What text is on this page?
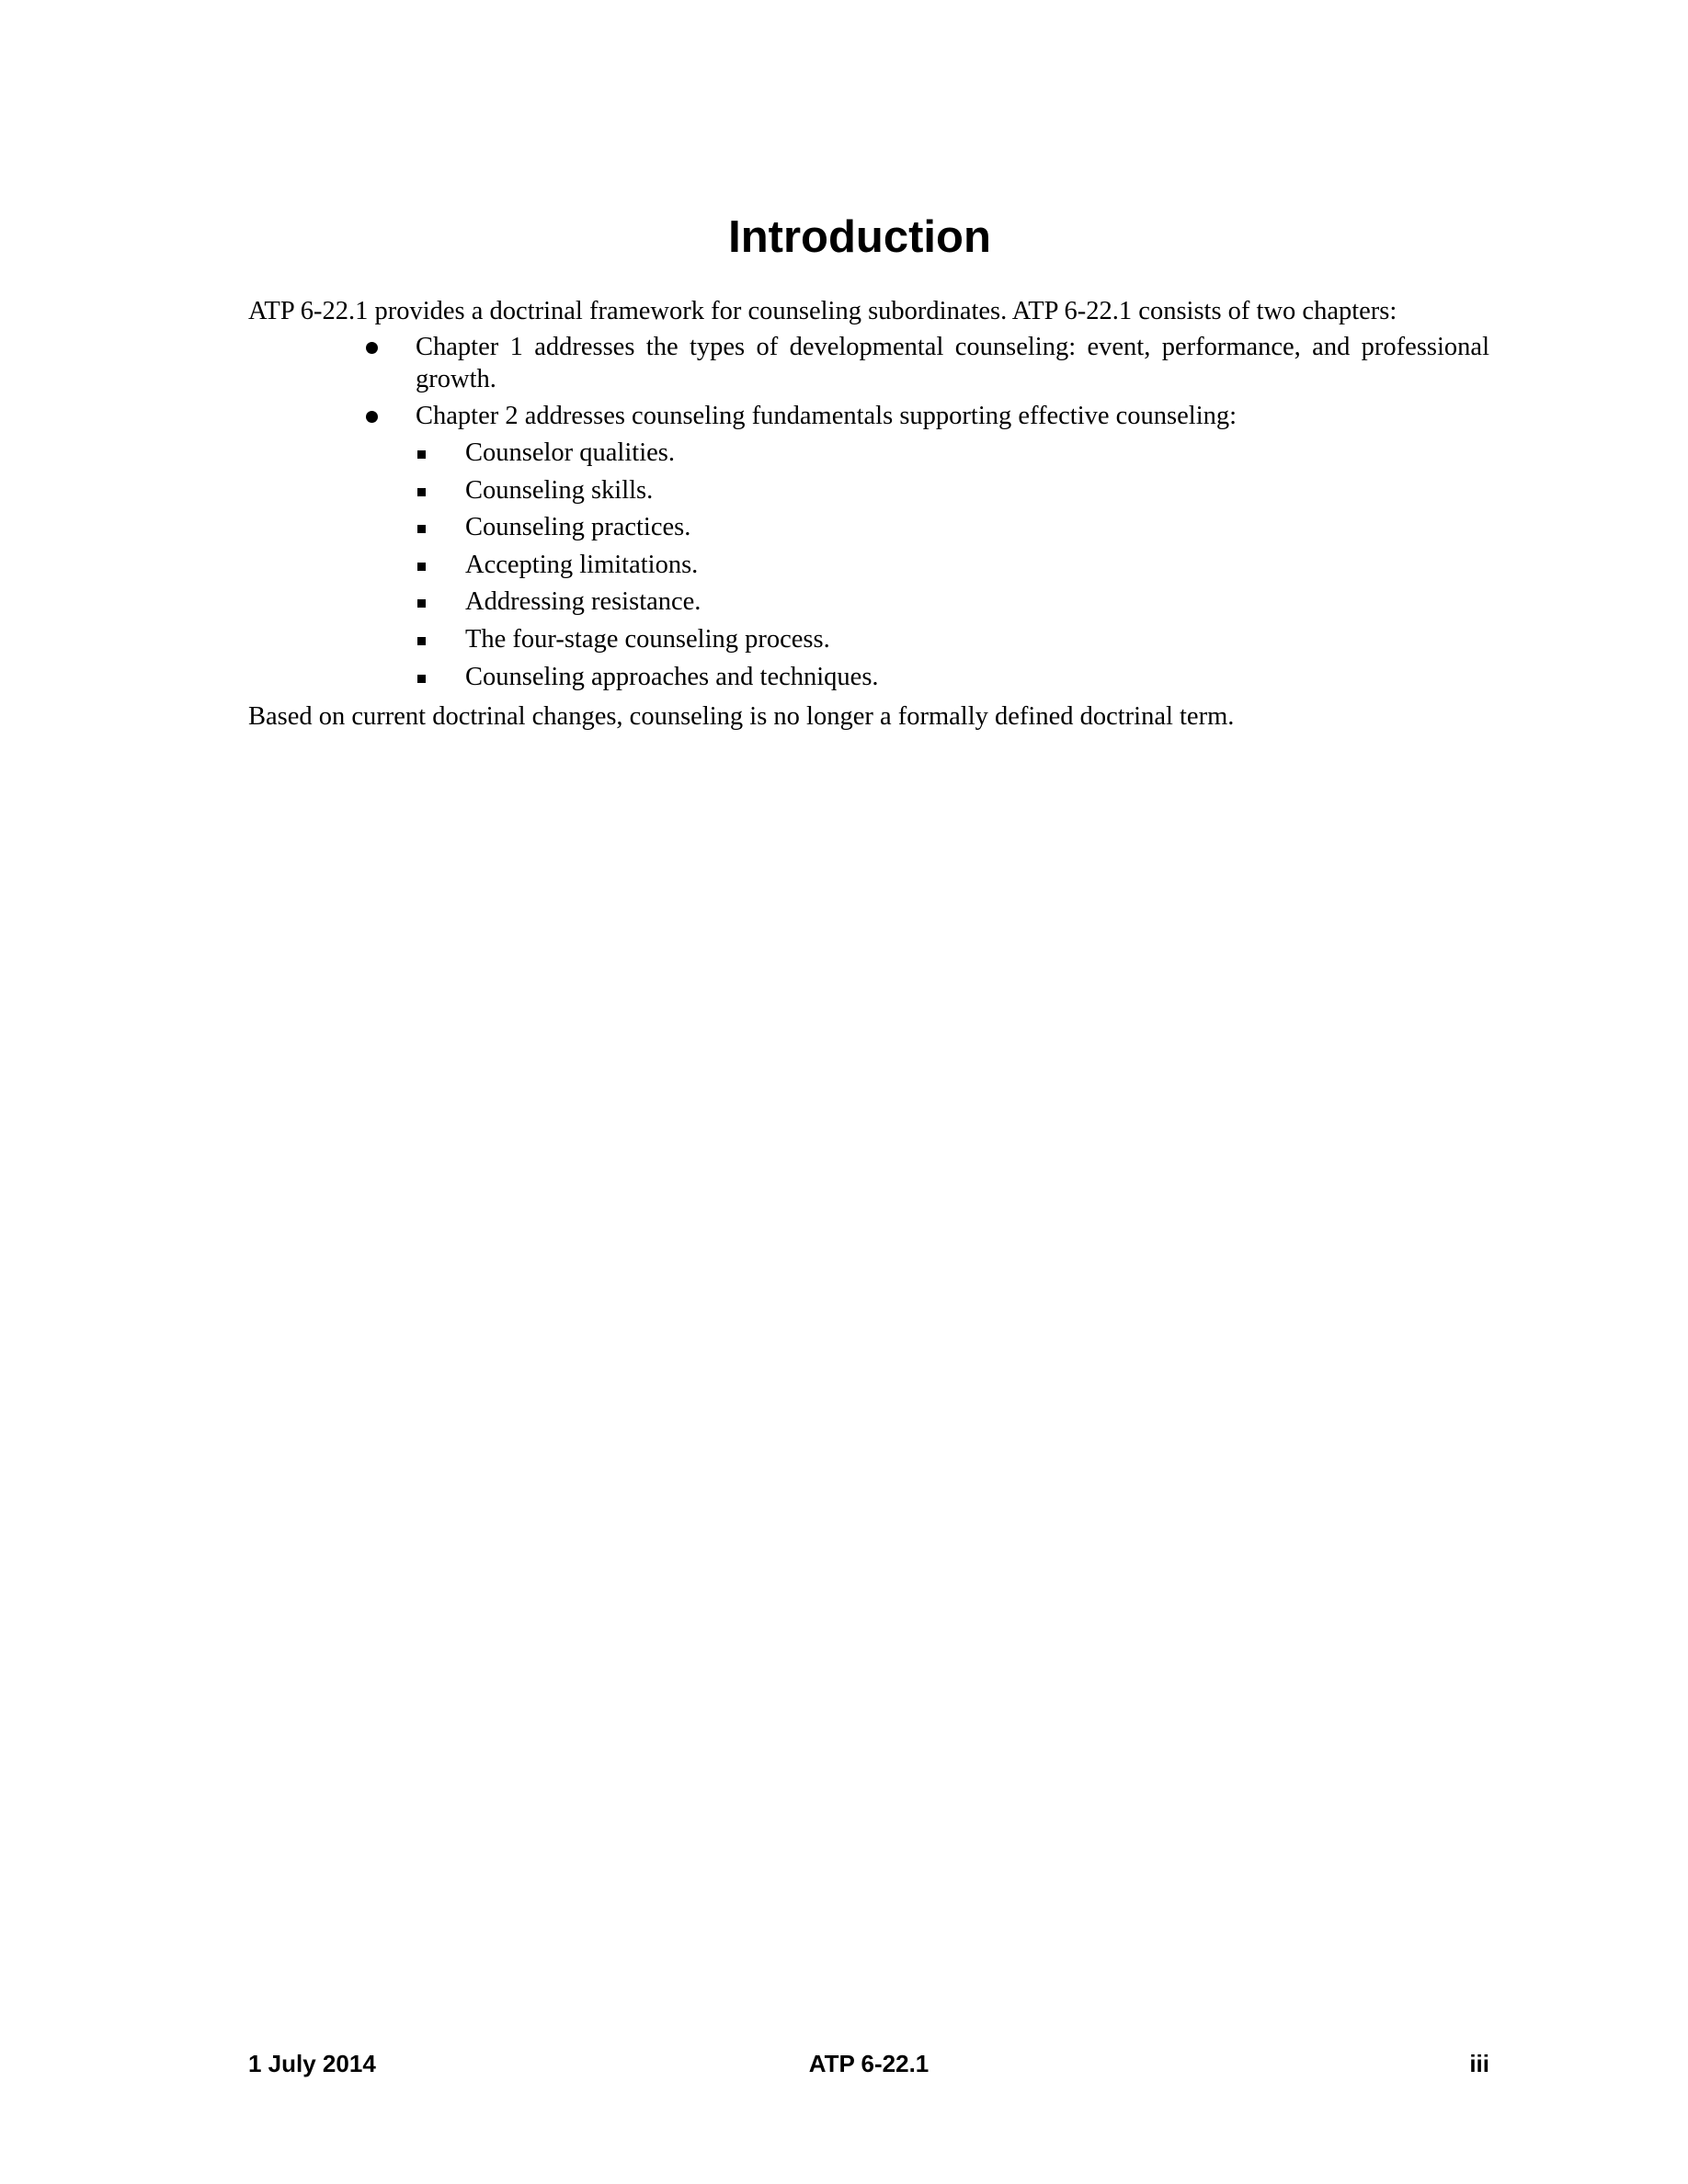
Introduction

ATP 6-22.1 provides a doctrinal framework for counseling subordinates. ATP 6-22.1 consists of two chapters:

Chapter 1 addresses the types of developmental counseling: event, performance, and professional growth.
Chapter 2 addresses counseling fundamentals supporting effective counseling:
Counselor qualities.
Counseling skills.
Counseling practices.
Accepting limitations.
Addressing resistance.
The four-stage counseling process.
Counseling approaches and techniques.

Based on current doctrinal changes, counseling is no longer a formally defined doctrinal term.

1 July 2014	ATP 6-22.1	iii
